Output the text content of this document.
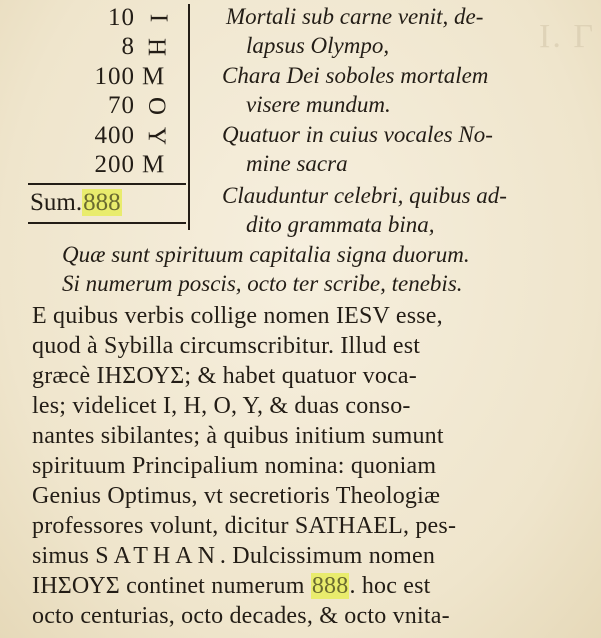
Ι. Γ
10
8
100
70
400
200
Ι
Η
Μ
Ο
Υ
Μ
Sum.888
Mortali sub carne venit, de-
lapsus Olympo,
Chara Dei soboles mortalem
visere mundum.
Quatuor in cuius vocales No-
mine sacra
Clauduntur celebri, quibus ad-
dito grammata bina,
Quæ sunt spirituum capitalia signa duorum.
Si numerum poscis, octo ter scribe, tenebis.
E quibus verbis collige nomen IESV esse,
quod à Sybilla circumscribitur. Illud est
græcè ΙΗΣΟΥΣ; & habet quatuor voca-
les; videlicet I, H, O, Y, & duas conso-
nantes sibilantes; à quibus initium sumunt
spirituum Principalium nomina: quoniam
Genius Optimus, vt secretioris Theologiæ
professores volunt, dicitur SATHAEL, pes-
simus SATHAN. Dulcissimum nomen
ΙΗΣΟΥΣ continet numerum 888. hoc est
octo centurias, octo decades, & octo vnita-
